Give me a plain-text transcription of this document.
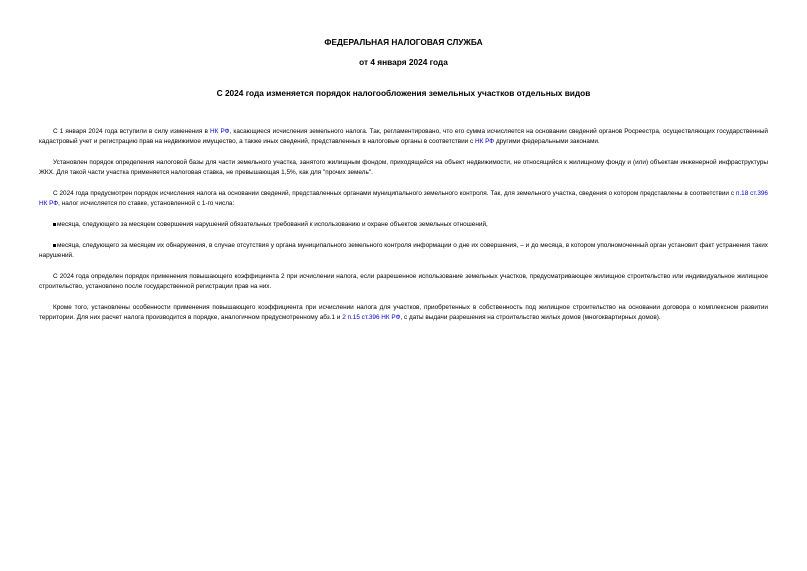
ФЕДЕРАЛЬНАЯ НАЛОГОВАЯ СЛУЖБА
от 4 января 2024 года
С 2024 года изменяется порядок налогообложения земельных участков отдельных видов

С 1 января 2024 года вступили в силу изменения в НК РФ, касающиеся исчисления земельного налога. Так, регламентировано, что его сумма исчисляется на основании сведений органов Росреестра, осуществляющих государственный кадастровый учет и регистрацию прав на недвижимое имущество, а также иных сведений, представленных в налоговые органы в соответствии с НК РФ другими федеральными законами.

Установлен порядок определения налоговой базы для части земельного участка, занятого жилищным фондом, приходящейся на объект недвижимости, не относящийся к жилищному фонду и (или) объектам инженерной инфраструктуры ЖКХ. Для такой части участка применяется налоговая ставка, не превышающая 1,5%, как для "прочих земель".

С 2024 года предусмотрен порядок исчисления налога на основании сведений, представленных органами муниципального земельного контроля. Так, для земельного участка, сведения о котором представлены в соответствии с п.18 ст.396 НК РФ, налог исчисляется по ставке, установленной с 1-го числа:

месяца, следующего за месяцем совершения нарушений обязательных требований к использованию и охране объектов земельных отношений,

месяца, следующего за месяцем их обнаружения, в случае отсутствия у органа муниципального земельного контроля информации о дне их совершения, – и до месяца, в котором уполномоченный орган установит факт устранения таких нарушений.

С 2024 года определен порядок применения повышающего коэффициента 2 при исчислении налога, если разрешенное использование земельных участков, предусматривающее жилищное строительство или индивидуальное жилищное строительство, установлено после государственной регистрации прав на них.

Кроме того, установлены особенности применения повышающего коэффициента при исчислении налога для участков, приобретенных в собственность под жилищное строительство на основании договора о комплексном развитии территории. Для них расчет налога производится в порядке, аналогичном предусмотренному абз.1 и 2 п.15 ст.396 НК РФ, с даты выдачи разрешения на строительство жилых домов (многоквартирных домов).
